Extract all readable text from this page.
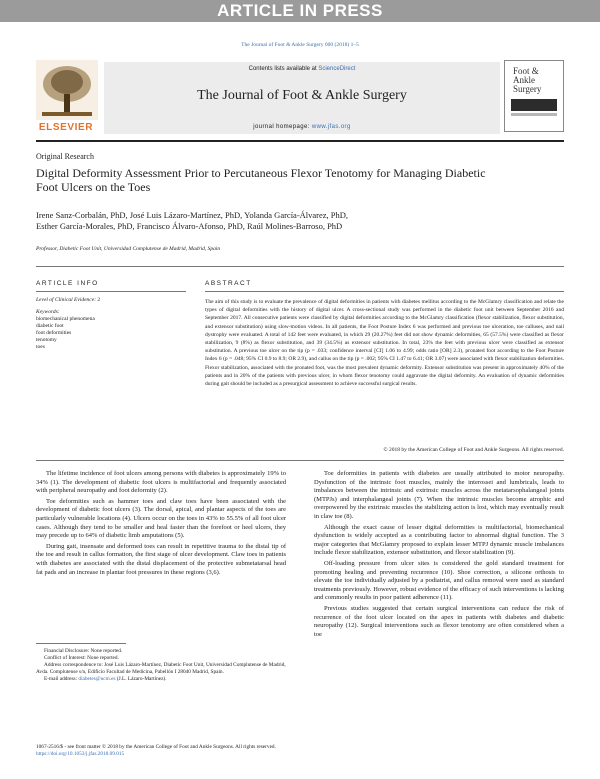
ARTICLE IN PRESS
The Journal of Foot & Ankle Surgery 000 (2018) 1–5
ELSEVIER
Contents lists available at ScienceDirect
The Journal of Foot & Ankle Surgery
journal homepage: www.jfas.org
Foot &
Ankle
Surgery
Original Research
Digital Deformity Assessment Prior to Percutaneous Flexor Tenotomy for Managing Diabetic Foot Ulcers on the Toes
Irene Sanz-Corbalán, PhD, José Luis Lázaro-Martínez, PhD, Yolanda García-Álvarez, PhD,
Esther García-Morales, PhD, Francisco Álvaro-Afonso, PhD, Raúl Molines-Barroso, PhD
Professor, Diabetic Foot Unit, Universidad Complutense de Madrid, Madrid, Spain
ARTICLE INFO	ABSTRACT
Level of Clinical Evidence: 2
Keywords:
biomechanical phenomena
diabetic foot
foot deformities
tenotomy
toes
The aim of this study is to evaluate the prevalence of digital deformities in patients with diabetes mellitus according to the McGlamry classification and relate the types of digital deformities with the history of digital ulcer. A cross-sectional study was performed in the diabetic foot unit between September 2016 and September 2017. All consecutive patients were classified by digital deformities according to the McGlamry classification (flexor stabilization, flexor substitution, and extensor substitution) using slow-motion videos. In all patients, the Foot Posture Index 6 was performed and previous toe ulceration, toe calluses, and nail dystrophy were evaluated. A total of 142 feet were evaluated, in which 29 (20.27%) feet did not show dynamic deformities, 65 (57.5%) were classified as flexor stabilization, 9 (8%) as flexor substitution, and 39 (34.5%) as extensor substitution. In total, 23% the feet with previous ulcer were classified as extensor substitution. A previous toe ulcer on the tip (p = .033; confidence interval [CI] 1.06 to 4.99; odds ratio [OR] 2.3), pronated foot according to the Foot Posture Index 6 (p = .048; 95% CI 0.9 to 8.9; OR 2.9), and callus on the tip (p = .002; 95% CI 1.47 to 6.41; OR 3.07) were associated with flexor stabilization deformities. Flexor stabilization, associated with the pronated foot, was the most prevalent dynamic deformity. Extensor substitution was present in approximately 40% of the patients and in 20% of the patients with previous ulcer, in whom flexor tenotomy could aggravate the digital deformity. An evaluation of dynamic deformities during gait should be included as a presurgical assessment to achieve successful surgical results.
© 2018 by the American College of Foot and Ankle Surgeons. All rights reserved.

The lifetime incidence of foot ulcers among persons with diabetes is approximately 19% to 34% (1). The development of diabetic foot ulcers is multifactorial and frequently associated with peripheral neuropathy and foot deformity (2).

Toe deformities such as hammer toes and claw toes have been associated with the development of diabetic foot ulcers (3). The dorsal, apical, and plantar aspects of the toes are particularly vulnerable locations (4). Ulcers occur on the toes in 43% to 55.5% of all foot ulcer cases. Although they tend to be smaller and heal faster than the forefoot or heel ulcers, they may precede up to 64% of diabetic limb amputations (5).

During gait, insensate and deformed toes can result in repetitive trauma to the distal tip of the toe and result in callus formation, the first stage of ulcer development. Claw toes in patients with diabetes are associated with the distal displacement of the protective submetatarsal head fat pads and an increase in plantar foot pressures in these regions (3,6).

Toe deformities in patients with diabetes are usually attributed to motor neuropathy. Dysfunction of the intrinsic foot muscles, mainly the interossei and lumbricals, leads to imbalances between the intrinsic and extrinsic muscles across the metatarsophalangeal joints (MTPJs) and interphalangeal joints (7). When the intrinsic muscles become atrophic and overpowered by the extrinsic muscles the stabilizing action is lost, which may eventually result in claw toe (8).

Although the exact cause of lesser digital deformities is multifactorial, biomechanical dysfunction is widely accepted as a contributing factor to abnormal digital function. The 3 major categories that McGlamry proposed to explain lesser MTPJ dynamic muscle imbalances include flexor stabilization, extensor substitution, and flexor stabilization (9).

Off-loading pressure from ulcer sites is considered the gold standard treatment for promoting healing and preventing recurrence (10). Shoe correction, a silicone orthosis to elevate the toe individually adjusted by a podiatrist, and callus removal were used as standard treatments previously. However, robust evidence of the efficacy of such interventions is lacking and commonly results in poor patient adherence (11).

Previous studies suggested that certain surgical interventions can reduce the risk of recurrence of the foot ulcer located on the apex in patients with diabetes and diabetic neuropathy (12). Surgical interventions such as flexor tenotomy are often considered when a toe

Financial Disclosure: None reported.

Conflict of Interest: None reported.

Address correspondence to: José Luis Lázaro-Martínez, Diabetic Foot Unit, Universidad Complutense de Madrid, Avda. Complutense s/n, Edificio Facultad de Medicina, Pabellón I 28040 Madrid, Spain.

E-mail address: diabetes@ucm.es (J.L. Lázaro-Martínez).

1067-2516/$ - see front matter © 2018 by the American College of Foot and Ankle Surgeons. All rights reserved.
https://doi.org/10.1053/j.jfas.2018.09.015
